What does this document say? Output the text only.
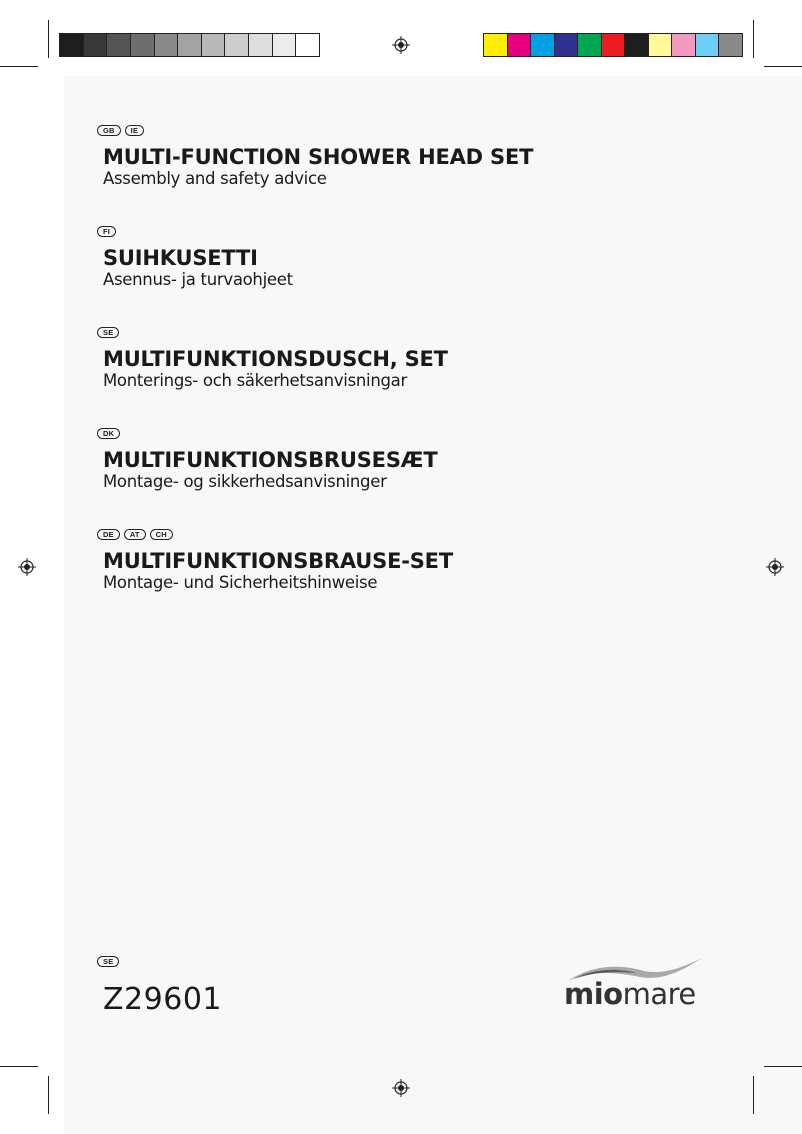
GB	IE
MULTI-FUNCTION SHOWER HEAD SET
Assembly and safety advice
FI
SUIHKUSETTI
Asennus- ja turvaohjeet
SE
MULTIFUNKTIONSDUSCH, SET
Monterings- och säkerhetsanvisningar
DK
MULTIFUNKTIONSBRUSESÆT
Montage- og sikkerhedsanvisninger
DE	AT	CH
MULTIFUNKTIONSBRAUSE-SET
Montage- und Sicherheitshinweise
SE
Z29601	miomare
